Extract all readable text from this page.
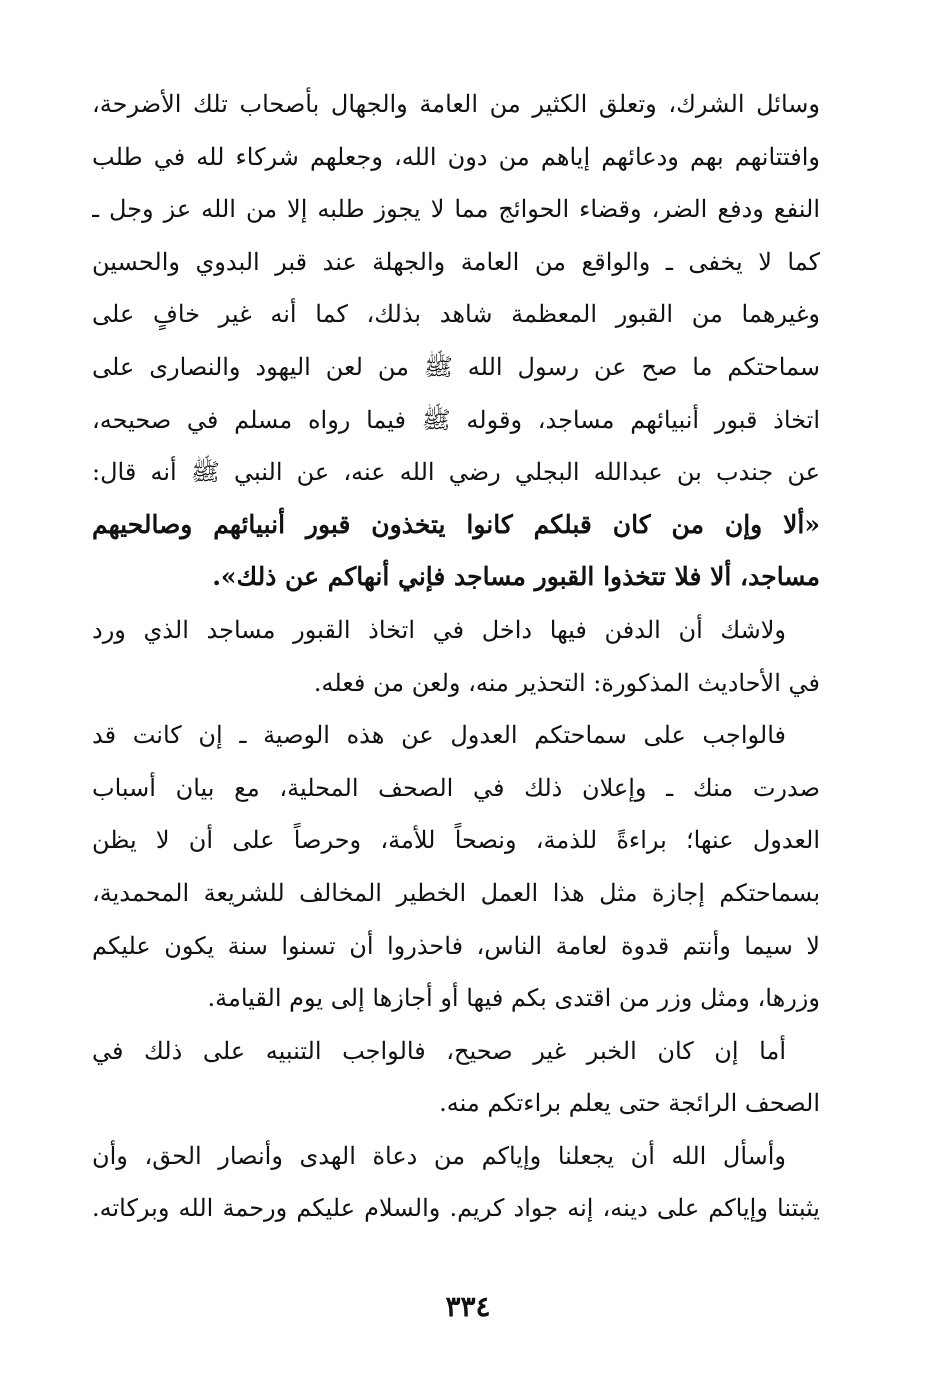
وسائل الشرك، وتعلق الكثير من العامة والجهال بأصحاب تلك الأضرحة،
وافتتانهم بهم ودعائهم إياهم من دون الله، وجعلهم شركاء لله في طلب
النفع ودفع الضر، وقضاء الحوائج مما لا يجوز طلبه إلا من الله عز وجل ـ
كما لا يخفى ـ والواقع من العامة والجهلة عند قبر البدوي والحسين
وغيرهما من القبور المعظمة شاهد بذلك، كما أنه غير خافٍ على
سماحتكم ما صح عن رسول الله ﷺ من لعن اليهود والنصارى على
اتخاذ قبور أنبيائهم مساجد، وقوله ﷺ فيما رواه مسلم في صحيحه،
عن جندب بن عبدالله البجلي رضي الله عنه، عن النبي ﷺ أنه قال:
«ألا وإن من كان قبلكم كانوا يتخذون قبور أنبيائهم وصالحيهم
مساجد، ألا فلا تتخذوا القبور مساجد فإني أنهاكم عن ذلك».
ولاشك أن الدفن فيها داخل في اتخاذ القبور مساجد الذي ورد
في الأحاديث المذكورة: التحذير منه، ولعن من فعله.
فالواجب على سماحتكم العدول عن هذه الوصية ـ إن كانت قد
صدرت منك ـ وإعلان ذلك في الصحف المحلية، مع بيان أسباب
العدول عنها؛ براءةً للذمة، ونصحاً للأمة، وحرصاً على أن لا يظن
بسماحتكم إجازة مثل هذا العمل الخطير المخالف للشريعة المحمدية،
لا سيما وأنتم قدوة لعامة الناس، فاحذروا أن تسنوا سنة يكون عليكم
وزرها، ومثل وزر من اقتدى بكم فيها أو أجازها إلى يوم القيامة.
أما إن كان الخبر غير صحيح، فالواجب التنبيه على ذلك في
الصحف الرائجة حتى يعلم براءتكم منه.
وأسأل الله أن يجعلنا وإياكم من دعاة الهدى وأنصار الحق، وأن
يثبتنا وإياكم على دينه، إنه جواد كريم. والسلام عليكم ورحمة الله وبركاته.
٣٣٤
